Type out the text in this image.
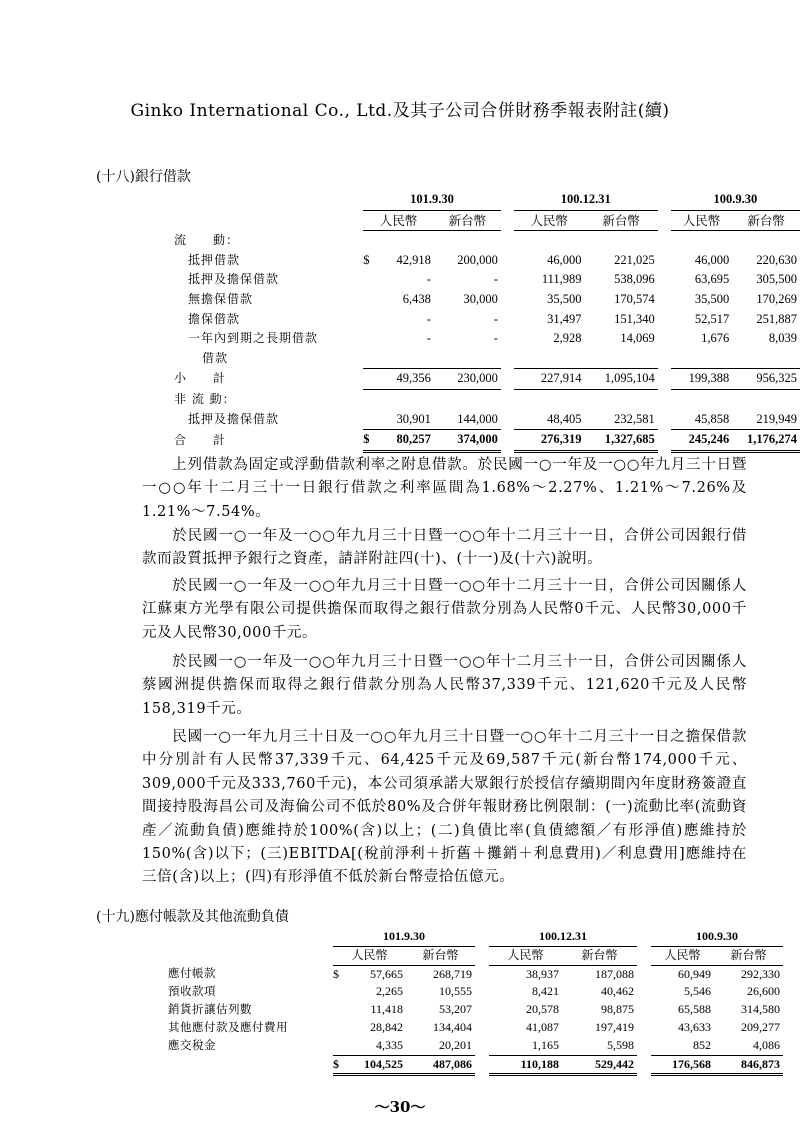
Ginko International Co., Ltd.及其子公司合併財務季報表附註(續)
(十八)銀行借款
	101.9.30				100.12.31			100.9.30	
	人民幣		新台幣		人民幣	新台幣		人民幣	新台幣
流　　動：									
抵押借款	$	42,918	200,000		46,000	221,025		46,000	220,630
抵押及擔保借款		-	-		111,989	538,096		63,695	305,500
無擔保借款		6,438	30,000		35,500	170,574		35,500	170,269
擔保借款		-	-		31,497	151,340		52,517	251,887
一年內到期之長期借款		-	-		2,928	14,069		1,676	8,039
借款									
小　　計		49,356	230,000		227,914	1,095,104		199,388	956,325
非 流 動：									
抵押及擔保借款		30,901	144,000		48,405	232,581		45,858	219,949
合　　計	$	80,257	374,000		276,319	1,327,685		245,246	1,176,274

上列借款為固定或浮動借款利率之附息借款。於民國一○一年及一○○年九月三十日暨一○○年十二月三十一日銀行借款之利率區間為1.68%～2.27%、1.21%～7.26%及1.21%～7.54%。

於民國一○一年及一○○年九月三十日暨一○○年十二月三十一日，合併公司因銀行借款而設質抵押予銀行之資產，請詳附註四(十)、(十一)及(十六)說明。

於民國一○一年及一○○年九月三十日暨一○○年十二月三十一日，合併公司因關係人江蘇東方光學有限公司提供擔保而取得之銀行借款分別為人民幣0千元、人民幣30,000千元及人民幣30,000千元。

於民國一○一年及一○○年九月三十日暨一○○年十二月三十一日，合併公司因關係人蔡國洲提供擔保而取得之銀行借款分別為人民幣37,339千元、121,620千元及人民幣158,319千元。

民國一○一年九月三十日及一○○年九月三十日暨一○○年十二月三十一日之擔保借款中分別計有人民幣37,339千元、64,425千元及69,587千元(新台幣174,000千元、309,000千元及333,760千元)，本公司須承諾大眾銀行於授信存續期間內年度財務簽證直間接持股海昌公司及海倫公司不低於80%及合併年報財務比例限制：(一)流動比率(流動資產／流動負債)應維持於100%(含)以上；(二)負債比率(負債總額／有形淨值)應維持於150%(含)以下；(三)EBITDA[(稅前淨利＋折舊＋攤銷＋利息費用)／利息費用]應維持在三倍(含)以上；(四)有形淨值不低於新台幣壹拾伍億元。

(十九)應付帳款及其他流動負債
	101.9.30				100.12.31			100.9.30	
	人民幣		新台幣		人民幣	新台幣		人民幣	新台幣
應付帳款	$	57,665	268,719		38,937	187,088		60,949	292,330
預收款項		2,265	10,555		8,421	40,462		5,546	26,600
銷貨折讓估列數		11,418	53,207		20,578	98,875		65,588	314,580
其他應付款及應付費用		28,842	134,404		41,087	197,419		43,633	209,277
應交稅金		4,335	20,201		1,165	5,598		852	4,086
	$	104,525	487,086		110,188	529,442		176,568	846,873
～30～
